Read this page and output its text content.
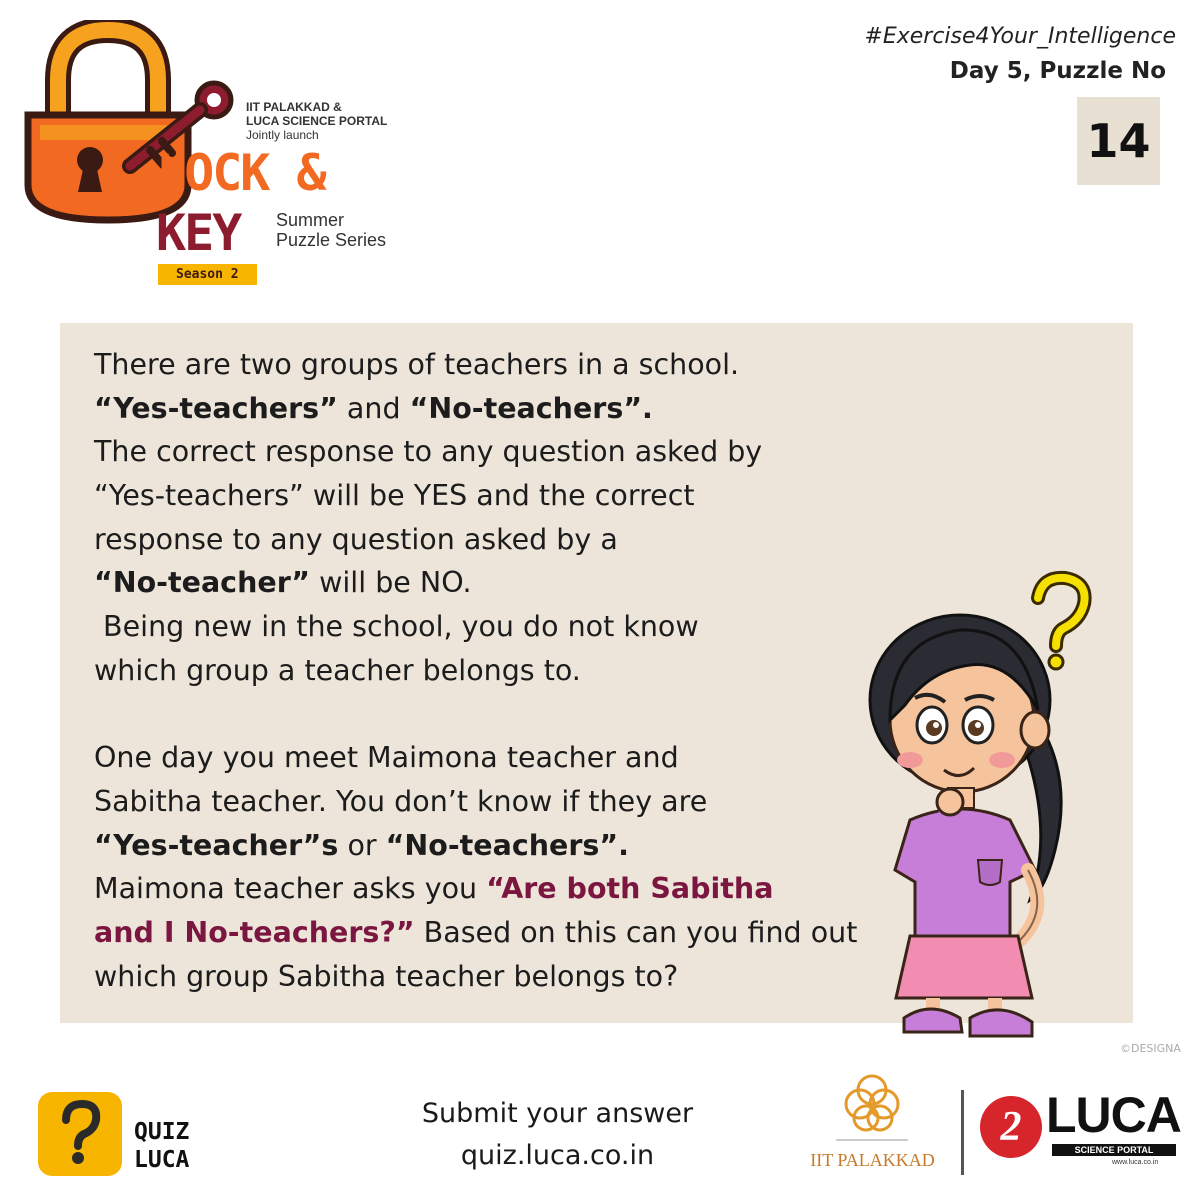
IIT PALAKKAD &
LUCA SCIENCE PORTAL
Jointly launch
LOCK &
KEY Summer
Puzzle Series
Season 2
#Exercise4Your_Intelligence
Day 5, Puzzle No
14
There are two groups of teachers in a school.
“Yes-teachers” and “No-teachers”.
The correct response to any question asked by
“Yes-teachers” will be YES and the correct
response to any question asked by a
“No-teacher” will be NO.
Being new in the school, you do not know
which group a teacher belongs to.
One day you meet Maimona teacher and
Sabitha teacher. You don’t know if they are
“Yes-teacher”s or “No-teachers”.
Maimona teacher asks you “Are both Sabitha
and I No-teachers?” Based on this can you find out
which group Sabitha teacher belongs to?
©DESIGNA
QUIZ
LUCA
Submit your answer
quiz.luca.co.in	IIT PALAKKAD
2 LUCA
SCIENCE PORTAL
www.luca.co.in
